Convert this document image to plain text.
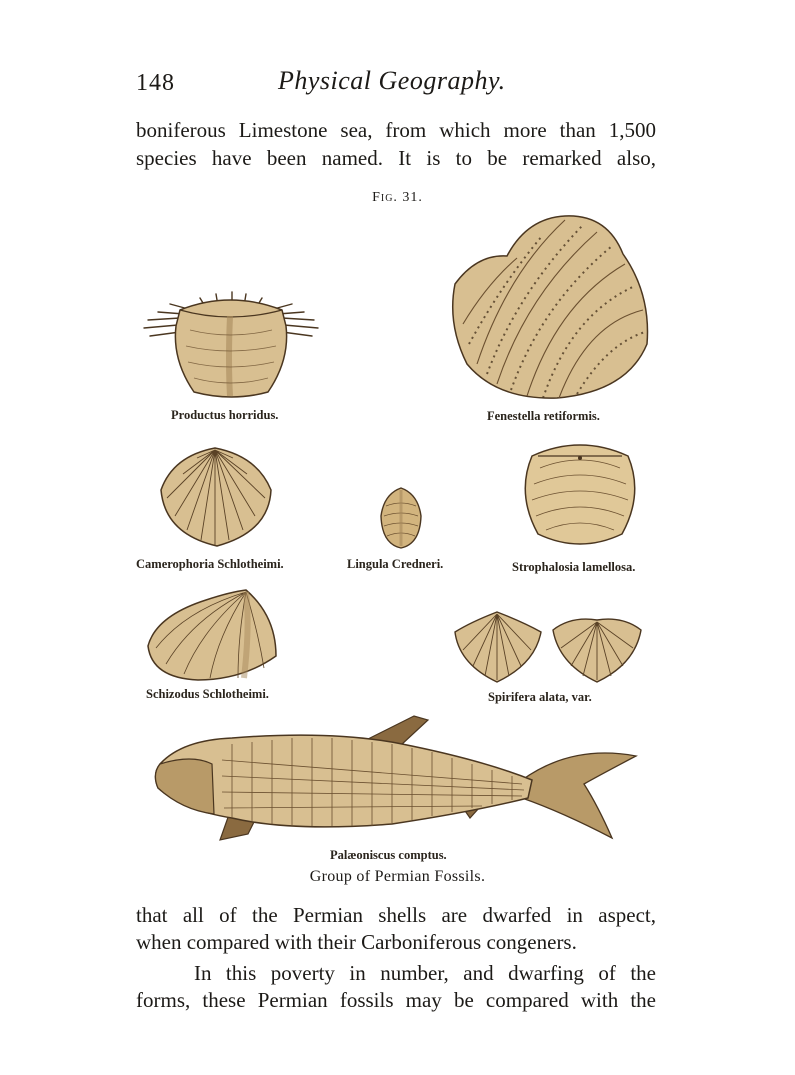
148	Physical Geography.
boniferous Limestone sea, from which more than 1,500
species have been named. It is to be remarked also,
Fig. 31.
Productus horridus.	Fenestella retiformis.
Camerophoria Schlotheimi.	Lingula Credneri.	Strophalosia lamellosa.
Schizodus Schlotheimi.	Spirifera alata, var.
Palæoniscus comptus.
Group of Permian Fossils.
that all of the Permian shells are dwarfed in aspect,
when compared with their Carboniferous congeners.
In this poverty in number, and dwarfing of the
forms, these Permian fossils may be compared with the
